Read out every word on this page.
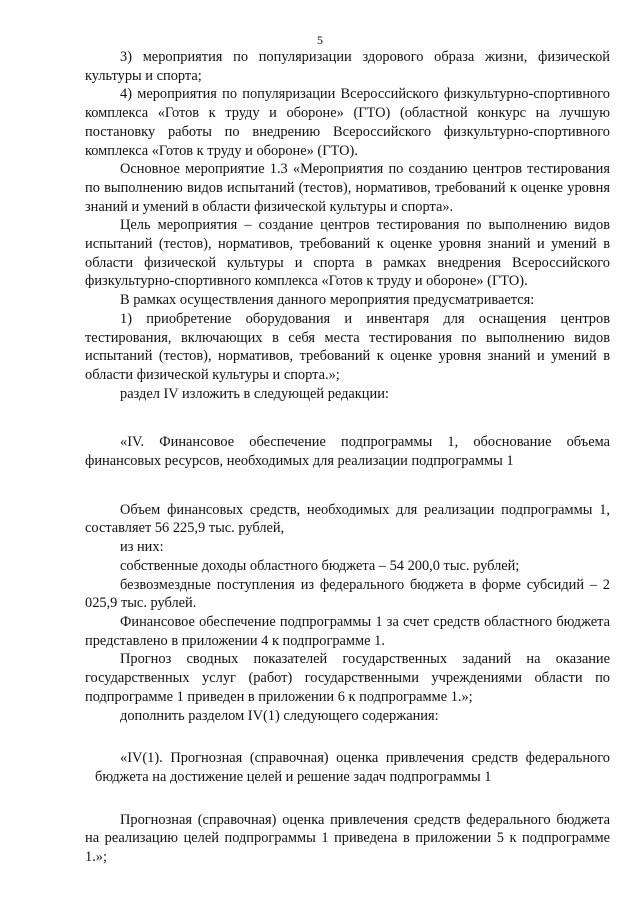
5

3) мероприятия по популяризации здорового образа жизни, физической культуры и спорта;

4) мероприятия по популяризации Всероссийского физкультурно-спортивного комплекса «Готов к труду и обороне» (ГТО) (областной конкурс на лучшую постановку работы по внедрению Всероссийского физкультурно-спортивного комплекса «Готов к труду и обороне» (ГТО).

Основное мероприятие 1.3 «Мероприятия по созданию центров тестирования по выполнению видов испытаний (тестов), нормативов, требований к оценке уровня знаний и умений в области физической культуры и спорта».

Цель мероприятия – создание центров тестирования по выполнению видов испытаний (тестов), нормативов, требований к оценке уровня знаний и умений в области физической культуры и спорта в рамках внедрения Всероссийского физкультурно-спортивного комплекса «Готов к труду и обороне» (ГТО).

В рамках осуществления данного мероприятия предусматривается:

1) приобретение оборудования и инвентаря для оснащения центров тестирования, включающих в себя места тестирования по выполнению видов испытаний (тестов), нормативов, требований к оценке уровня знаний и умений в области физической культуры и спорта.»;

раздел IV изложить в следующей редакции:

«IV. Финансовое обеспечение подпрограммы 1, обоснование объема финансовых ресурсов, необходимых для реализации подпрограммы 1

Объем финансовых средств, необходимых для реализации подпрограммы 1, составляет 56 225,9 тыс. рублей,

из них:

собственные доходы областного бюджета – 54 200,0 тыс. рублей;

безвозмездные поступления из федерального бюджета в форме субсидий – 2 025,9 тыс. рублей.

Финансовое обеспечение подпрограммы 1 за счет средств областного бюджета представлено в приложении 4 к подпрограмме 1.

Прогноз сводных показателей государственных заданий на оказание государственных услуг (работ) государственными учреждениями области по подпрограмме 1 приведен в приложении 6 к подпрограмме 1.»;

дополнить разделом IV(1) следующего содержания:

«IV(1). Прогнозная (справочная) оценка привлечения средств федерального бюджета на достижение целей и решение задач подпрограммы 1

Прогнозная (справочная) оценка привлечения средств федерального бюджета на реализацию целей подпрограммы 1 приведена в приложении 5 к подпрограмме 1.»;
